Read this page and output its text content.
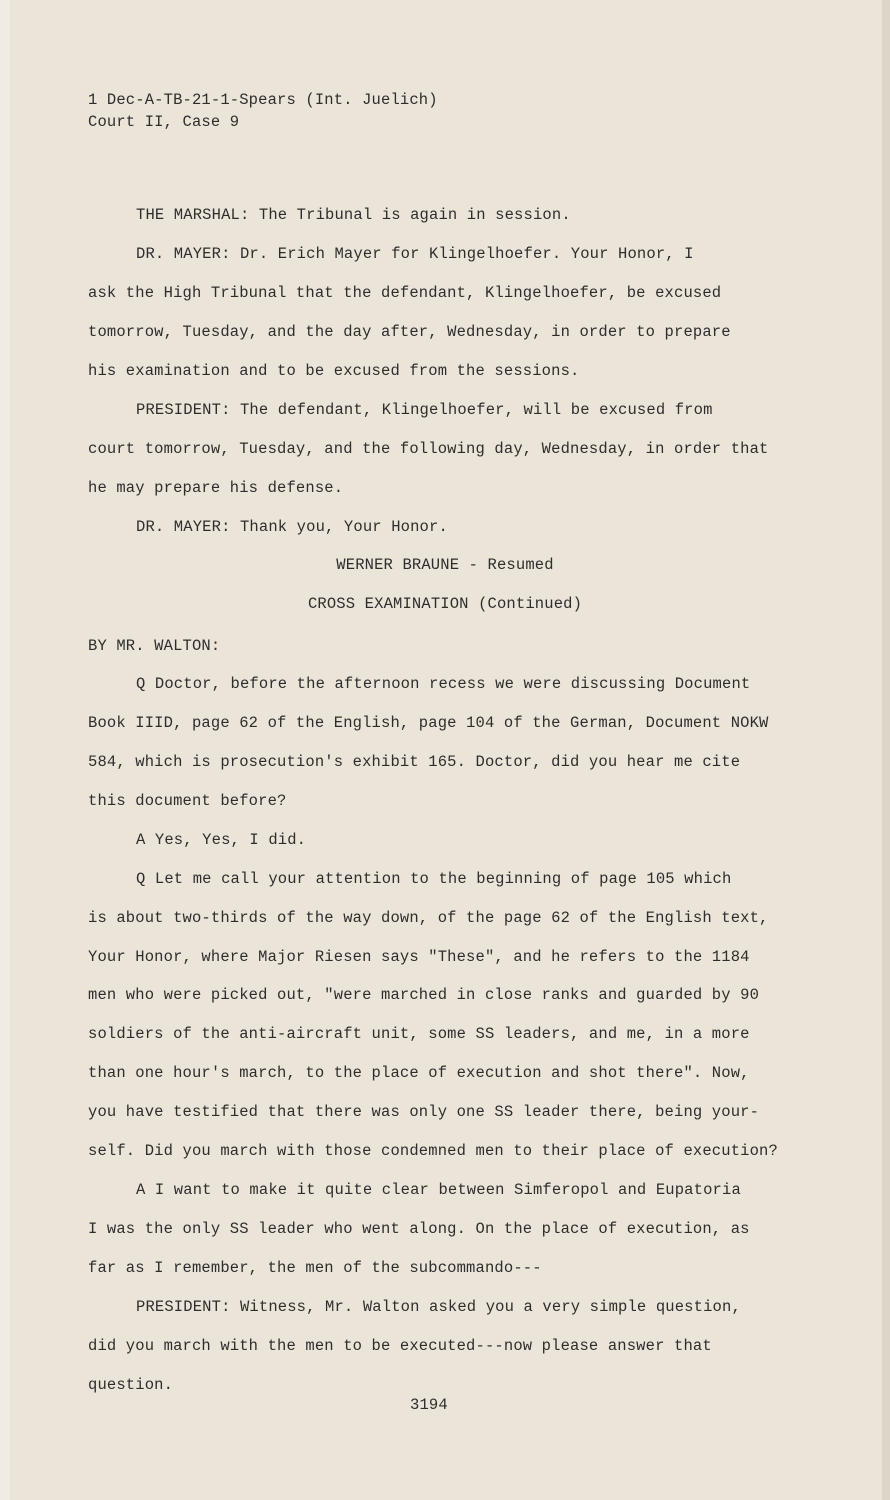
1 Dec-A-TB-21-1-Spears (Int. Juelich)
Court II, Case 9
THE MARSHAL: The Tribunal is again in session.
DR. MAYER: Dr. Erich Mayer for Klingelhoefer. Your Honor, I
ask the High Tribunal that the defendant, Klingelhoefer, be excused
tomorrow, Tuesday, and the day after, Wednesday, in order to prepare
his examination and to be excused from the sessions.
PRESIDENT: The defendant, Klingelhoefer, will be excused from
court tomorrow, Tuesday, and the following day, Wednesday, in order that
he may prepare his defense.
DR. MAYER: Thank you, Your Honor.
WERNER BRAUNE - Resumed
CROSS EXAMINATION (Continued)
BY MR. WALTON:
Q Doctor, before the afternoon recess we were discussing Document
Book IIID, page 62 of the English, page 104 of the German, Document NOKW
584, which is prosecution's exhibit 165. Doctor, did you hear me cite
this document before?
A Yes, Yes, I did.
Q Let me call your attention to the beginning of page 105 which
is about two-thirds of the way down, of the page 62 of the English text,
Your Honor, where Major Riesen says "These", and he refers to the 1184
men who were picked out, "were marched in close ranks and guarded by 90
soldiers of the anti-aircraft unit, some SS leaders, and me, in a more
than one hour's march, to the place of execution and shot there". Now,
you have testified that there was only one SS leader there, being your-
self. Did you march with those condemned men to their place of execution?
A I want to make it quite clear between Simferopol and Eupatoria
I was the only SS leader who went along. On the place of execution, as
far as I remember, the men of the subcommando---
PRESIDENT: Witness, Mr. Walton asked you a very simple question,
did you march with the men to be executed---now please answer that
question.
3194
